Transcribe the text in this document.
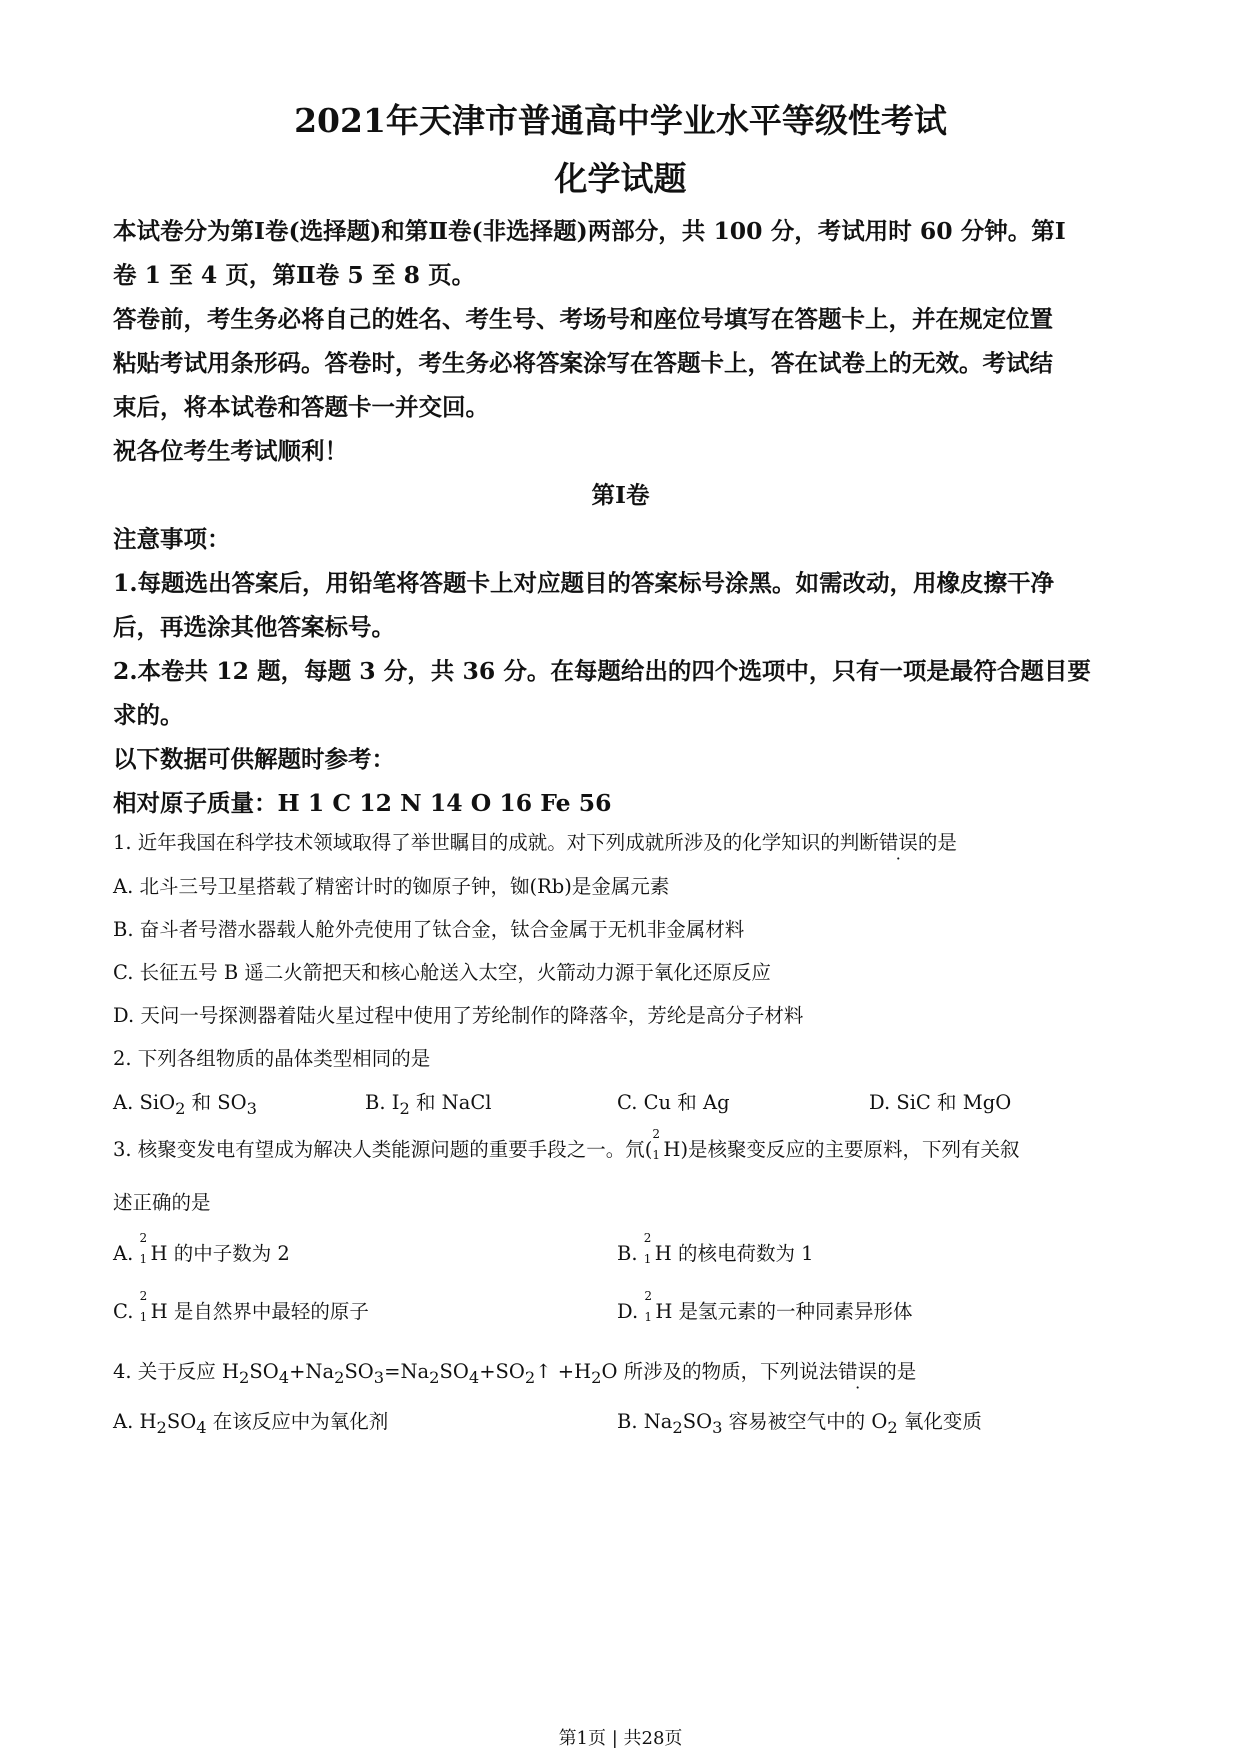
2021年天津市普通高中学业水平等级性考试
化学试题
本试卷分为第Ⅰ卷(选择题)和第Ⅱ卷(非选择题)两部分，共 100 分，考试用时 60 分钟。第Ⅰ
卷 1 至 4 页，第Ⅱ卷 5 至 8 页。
答卷前，考生务必将自己的姓名、考生号、考场号和座位号填写在答题卡上，并在规定位置
粘贴考试用条形码。答卷时，考生务必将答案涂写在答题卡上，答在试卷上的无效。考试结
束后，将本试卷和答题卡一并交回。
祝各位考生考试顺利！
第Ⅰ卷
注意事项：
1.每题选出答案后，用铅笔将答题卡上对应题目的答案标号涂黑。如需改动，用橡皮擦干净
后，再选涂其他答案标号。
2.本卷共 12 题，每题 3 分，共 36 分。在每题给出的四个选项中，只有一项是最符合题目要
求的。
以下数据可供解题时参考：
相对原子质量：H 1 C 12 N 14 O 16 Fe 56
1. 近年我国在科学技术领域取得了举世瞩目的成就。对下列成就所涉及的化学知识的判断错误的是
A. 北斗三号卫星搭载了精密计时的铷原子钟，铷(Rb)是金属元素
B. 奋斗者号潜水器载人舱外壳使用了钛合金，钛合金属于无机非金属材料
C. 长征五号 B 遥二火箭把天和核心舱送入太空，火箭动力源于氧化还原反应
D. 天问一号探测器着陆火星过程中使用了芳纶制作的降落伞，芳纶是高分子材料
2. 下列各组物质的晶体类型相同的是
A. SiO$_2$ 和 $SO_3$	B. $I_2$ 和 NaCl	C. Cu 和 Ag	D. SiC 和 MgO
3. 核聚变发电有望成为解决人类能源问题的重要手段之一。氘(
2
1 H)是核聚变反应的主要原料，下列有关叙
述正确的是
A.
2
1 H 的中子数为 2	B.
2
1 H 的核电荷数为 1
C.
2
1 H 是自然界中最轻的原子	D.
2
1 H 是氢元素的一种同素异形体
4. 关于反应 $H_2SO_4+Na_2SO_3=Na_2SO_4+SO_2↑ +H_2O$ 所涉及的物质，下列说法错误的是
A. $H_2SO_4$ 在该反应中为氧化剂	B. $Na_2SO_3$ 容易被空气中的 $O_2$ 氧化变质
第1页 | 共28页
